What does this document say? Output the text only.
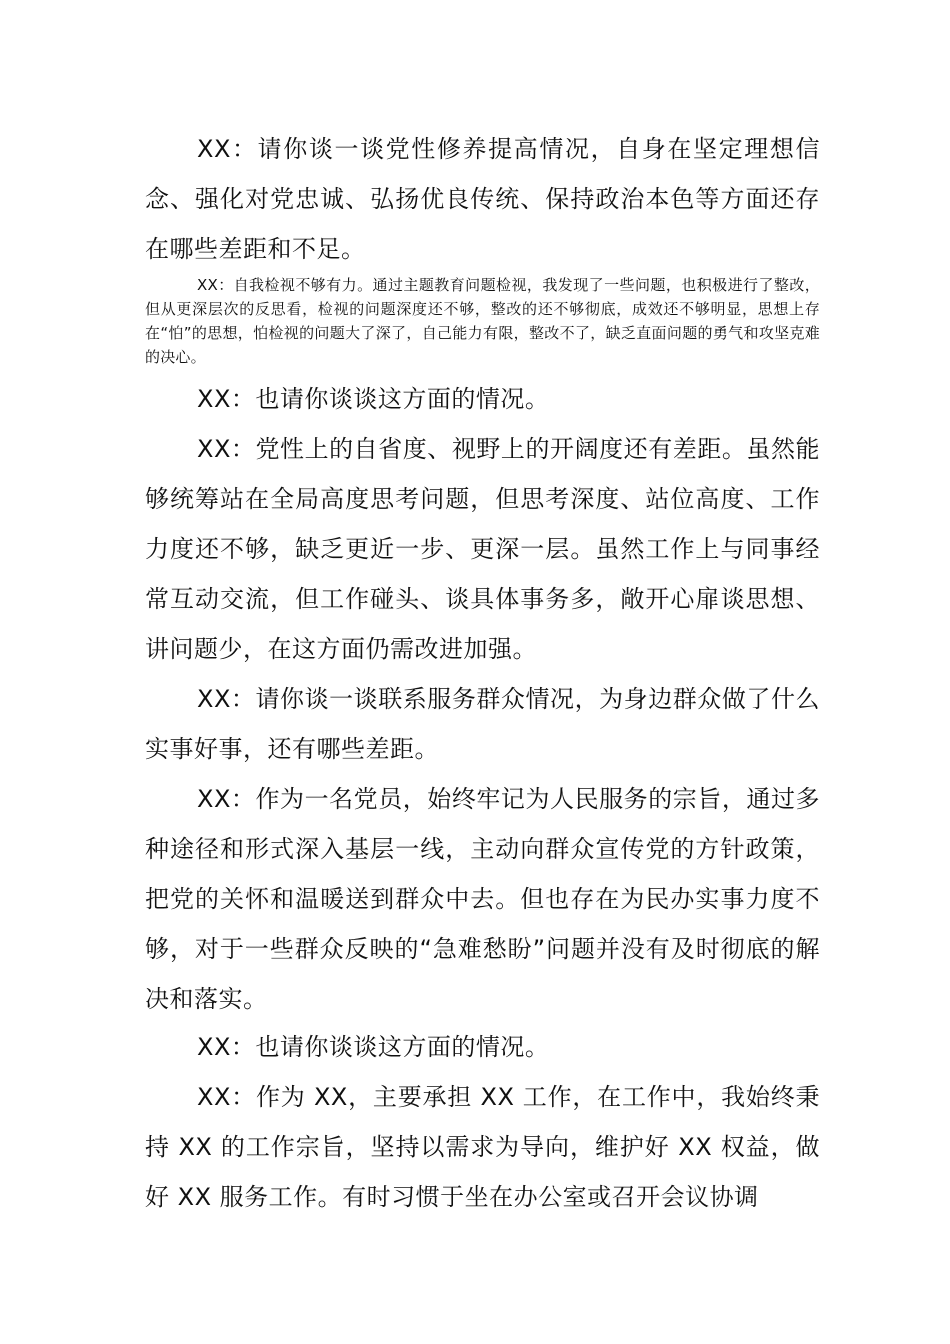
XX：请你谈一谈党性修养提高情况，自身在坚定理想信念、强化对党忠诚、弘扬优良传统、保持政治本色等方面还存在哪些差距和不足。

XX：自我检视不够有力。通过主题教育问题检视，我发现了一些问题，也积极进行了整改，但从更深层次的反思看，检视的问题深度还不够，整改的还不够彻底，成效还不够明显，思想上存在“怕”的思想，怕检视的问题大了深了，自己能力有限，整改不了，缺乏直面问题的勇气和攻坚克难的决心。

XX：也请你谈谈这方面的情况。

XX：党性上的自省度、视野上的开阔度还有差距。虽然能够统筹站在全局高度思考问题，但思考深度、站位高度、工作力度还不够，缺乏更近一步、更深一层。虽然工作上与同事经常互动交流，但工作碰头、谈具体事务多，敞开心扉谈思想、讲问题少，在这方面仍需改进加强。

XX：请你谈一谈联系服务群众情况，为身边群众做了什么实事好事，还有哪些差距。

XX：作为一名党员，始终牢记为人民服务的宗旨，通过多种途径和形式深入基层一线，主动向群众宣传党的方针政策，把党的关怀和温暖送到群众中去。但也存在为民办实事力度不够，对于一些群众反映的“急难愁盼”问题并没有及时彻底的解决和落实。

XX：也请你谈谈这方面的情况。

XX：作为 XX，主要承担 XX 工作，在工作中，我始终秉持 XX 的工作宗旨，坚持以需求为导向，维护好 XX 权益，做好 XX 服务工作。有时习惯于坐在办公室或召开会议协调
